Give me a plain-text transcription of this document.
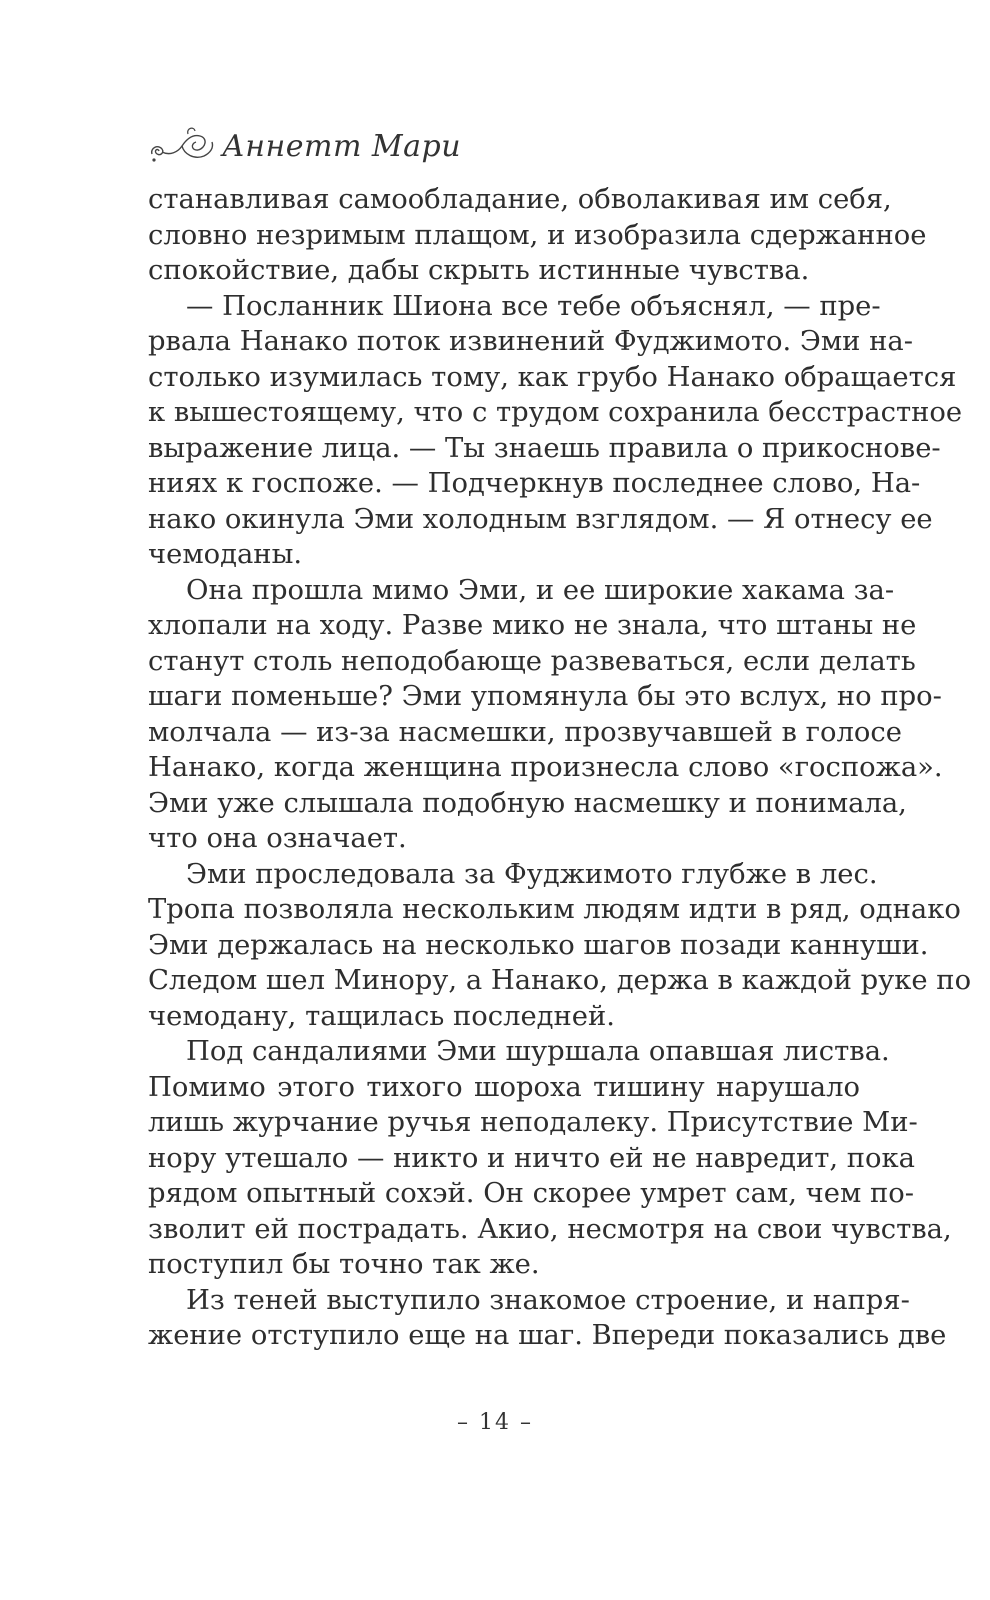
Аннетт Мари
станавливая самообладание, обволакивая им себя,
словно незримым плащом, и изобразила сдержанное
спокойствие, дабы скрыть истинные чувства.
— Посланник Шиона все тебе объяснял, — пре-
рвала Нанако поток извинений Фуджимото. Эми на-
столько изумилась тому, как грубо Нанако обращается
к вышестоящему, что с трудом сохранила бесстрастное
выражение лица. — Ты знаешь правила о прикоснове-
ниях к госпоже. — Подчеркнув последнее слово, На-
нако окинула Эми холодным взглядом. — Я отнесу ее
чемоданы.
Она прошла мимо Эми, и ее широкие хакама за-
хлопали на ходу. Разве мико не знала, что штаны не
станут столь неподобающе развеваться, если делать
шаги поменьше? Эми упомянула бы это вслух, но про-
молчала — из-за насмешки, прозвучавшей в голосе
Нанако, когда женщина произнесла слово «госпожа».
Эми уже слышала подобную насмешку и понимала,
что она означает.
Эми проследовала за Фуджимото глубже в лес.
Тропа позволяла нескольким людям идти в ряд, однако
Эми держалась на несколько шагов позади каннуши.
Следом шел Минору, а Нанако, держа в каждой руке по
чемодану, тащилась последней.
Под сандалиями Эми шуршала опавшая листва.
Помимо этого тихого шороха тишину нарушало
лишь журчание ручья неподалеку. Присутствие Ми-
нору утешало — никто и ничто ей не навредит, пока
рядом опытный сохэй. Он скорее умрет сам, чем по-
зволит ей пострадать. Акио, несмотря на свои чувства,
поступил бы точно так же.
Из теней выступило знакомое строение, и напря-
жение отступило еще на шаг. Впереди показались две
– 14 –
